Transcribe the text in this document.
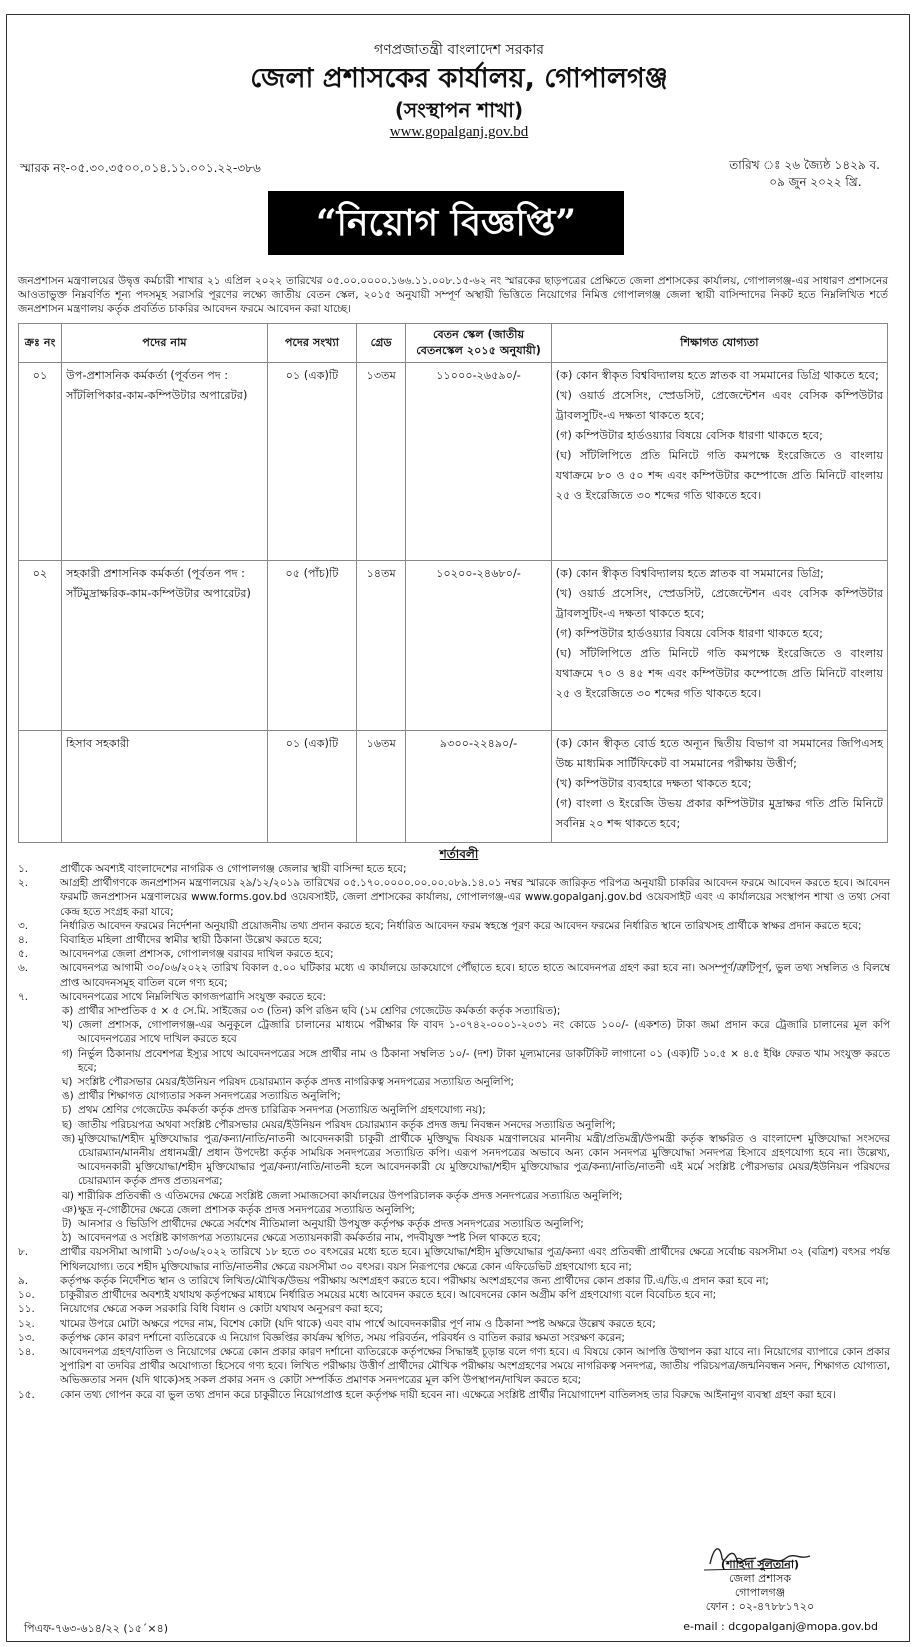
গণপ্রজাতন্ত্রী বাংলাদেশ সরকার
জেলা প্রশাসকের কার্যালয়, গোপালগঞ্জ
(সংস্থাপন শাখা)
www.gopalganj.gov.bd
স্মারক নং-০৫.৩০.৩৫০০.০১৪.১১.০০১.২২-৩৮৬	তারিখ ঃ ২৬ জ্যৈষ্ঠ ১৪২৯ ব.
০৯ জুন ২০২২ খ্রি.
“নিয়োগ বিজ্ঞপ্তি”
জনপ্রশাসন মন্ত্রণালয়ের উদ্বৃত্ত কর্মচারী শাখার ২১ এপ্রিল ২০২২ তারিখের ০৫.০০.০০০০.১৬৬.১১.০০৮.১৫-৬২ নং স্মারকের ছাড়পত্রের প্রেক্ষিতে জেলা প্রশাসকের কার্যালয়, গোপালগঞ্জ-এর সাধারণ প্রশাসনের আওতাভুক্ত নিম্নবর্ণিত শূন্য পদসমূহ সরাসরি পূরণের লক্ষ্যে জাতীয় বেতন স্কেল, ২০১৫ অনুযায়ী সম্পূর্ণ অস্থায়ী ভিত্তিতে নিয়োগের নিমিত্ত গোপালগঞ্জ জেলা স্থায়ী বাসিন্দাদের নিকট হতে নিম্নলিখিত শর্তে জনপ্রশাসন মন্ত্রণালয় কর্তৃক প্রবর্তিত চাকরির আবেদন ফরমে আবেদন করা যাচ্ছে।
ক্রঃ নং	পদের নাম	পদের সংখ্যা	গ্রেড	বেতন স্কেল (জাতীয় বেতনস্কেল ২০১৫ অনুযায়ী)	শিক্ষাগত যোগ্যতা
০১	উপ-প্রশাসনিক কর্মকর্তা (পূর্বতন পদ : সাঁটলিপিকার-কাম-কম্পিউটার অপারেটর)	০১ (এক)টি	১৩তম	১১০০০-২৬৫৯০/-	(ক) কোন স্বীকৃত বিশ্ববিদ্যালয় হতে স্নাতক বা সমমানের ডিগ্রি থাকতে হবে;
(খ) ওয়ার্ড প্রসেসিং, স্প্রেডসিট, প্রেজেন্টেশন এবং বেসিক কম্পিউটার ট্রাবলসুটিং-এ দক্ষতা থাকতে হবে;
(গ) কম্পিউটার হার্ডওয়্যার বিষয়ে বেসিক ধারণা থাকতে হবে;
(ঘ) সাঁটলিপিতে প্রতি মিনিটে গতি কমপক্ষে ইংরেজিতে ও বাংলায় যথাক্রমে ৮০ ও ৫০ শব্দ এবং কম্পিউটার কম্পোজে প্রতি মিনিটে বাংলায় ২৫ ও ইংরেজিতে ৩০ শব্দের গতি থাকতে হবে।

০২	সহকারী প্রশাসনিক কর্মকর্তা (পূর্বতন পদ : সাঁটমুদ্রাক্ষরিক-কাম-কম্পিউটার অপারেটর)	০৫ (পাঁচ)টি	১৪তম	১০২০০-২৪৬৮০/-	(ক) কোন স্বীকৃত বিশ্ববিদ্যালয় হতে স্নাতক বা সমমানের ডিগ্রি;
(খ) ওয়ার্ড প্রসেসিং, স্প্রেডসিট, প্রেজেন্টেশন এবং বেসিক কম্পিউটার ট্রাবলসুটিং-এ দক্ষতা থাকতে হবে;
(গ) কম্পিউটার হার্ডওয়্যার বিষয়ে বেসিক ধারণা থাকতে হবে;
(ঘ) সাঁটলিপিতে প্রতি মিনিটে গতি কমপক্ষে ইংরেজিতে ও বাংলায় যথাক্রমে ৭০ ও ৪৫ শব্দ এবং কম্পিউটার কম্পোজে প্রতি মিনিটে বাংলায় ২৫ ও ইংরেজিতে ৩০ শব্দের গতি থাকতে হবে।

	হিসাব সহকারী	০১ (এক)টি	১৬তম	৯৩০০-২২৪৯০/-	(ক) কোন স্বীকৃত বোর্ড হতে অন্যূন দ্বিতীয় বিভাগ বা সমমানের জিপিএসহ উচ্চ মাধ্যমিক সার্টিফিকেট বা সমমানের পরীক্ষায় উত্তীর্ণ;
(খ) কম্পিউটার ব্যবহারে দক্ষতা থাকতে হবে;
(গ) বাংলা ও ইংরেজি উভয় প্রকার কম্পিউটার মুদ্রাক্ষর গতি প্রতি মিনিটে সর্বনিম্ন ২০ শব্দ থাকতে হবে;
শর্তাবলী
১.	প্রার্থীকে অবশ্যই বাংলাদেশের নাগরিক ও গোপালগঞ্জ জেলার স্থায়ী বাসিন্দা হতে হবে;
২.	আগ্রহী প্রার্থীগণকে জনপ্রশাসন মন্ত্রণালয়ের ২৯/১২/২০১৯ তারিখের ০৫.১৭০.০০০০.০০.০০.০৮৯.১৪.০১ নম্বর স্মারকে জারিকৃত পরিপত্র অনুযায়ী চাকরির আবেদন ফরমে আবেদন করতে হবে। আবেদন ফরমটি জনপ্রশাসন মন্ত্রণালয়ের www.forms.gov.bd ওয়েবসাইট, জেলা প্রশাসকের কার্যালয়, গোপালগঞ্জ-এর www.gopalganj.gov.bd ওয়েবসাইট এবং এ কার্যালয়ের সংস্থাপন শাখা ও তথ্য সেবা কেন্দ্র হতে সংগ্রহ করা যাবে;
৩.	নির্ধারিত আবেদন ফরমের নির্দেশনা অনুযায়ী প্রয়োজনীয় তথ্য প্রদান করতে হবে; নির্ধারিত আবেদন ফরম স্বহস্তে পূরণ করে আবেদন ফরমের নির্ধারিত স্থানে তারিখসহ প্রার্থীকে স্বাক্ষর প্রদান করতে হবে;
৪.	বিবাহিত মহিলা প্রার্থীদের স্বামীর স্থায়ী ঠিকানা উল্লেখ করতে হবে;
৫.	আবেদনপত্র জেলা প্রশাসক, গোপালগঞ্জ বরাবর দাখিল করতে হবে;
৬.	আবেদনপত্র আগামী ৩০/০৬/২০২২ তারিখ বিকাল ৫.০০ ঘটিকার মধ্যে এ কার্যালয়ে ডাকযোগে পৌঁছাতে হবে। হাতে হাতে আবেদনপত্র গ্রহণ করা হবে না। অসম্পূর্ণ/ত্রুটিপূর্ণ, ভুল তথ্য সম্বলিত ও বিলম্বে প্রাপ্ত আবেদনসমূহ বাতিল বলে গণ্য হবে;
৭.	আবেদনপত্রের সাথে নিম্নলিখিত কাগজপত্রাদি সংযুক্ত করতে হবে:
ক) প্রার্থীর সাম্প্রতিক ৫ × ৫ সে.মি. সাইজের ০৩ (তিন) কপি রঙিন ছবি (১ম শ্রেণির গেজেটেড কর্মকর্তা কর্তৃক সত্যায়িত);
খ) জেলা প্রশাসক, গোপালগঞ্জ-এর অনুকূলে ট্রেজারি চালানের মাধ্যমে পরীক্ষার ফি বাবদ ১-০৭৪২-০০০১-২০৩১ নং কোডে ১০০/- (একশত) টাকা জমা প্রদান করে ট্রেজারি চালানের মূল কপি আবেদনপত্রের সাথে দাখিল করতে হবে
গ) নির্ভুল ঠিকানায় প্রবেশপত্র ইস্যুর সাথে আবেদনপত্রের সঙ্গে প্রার্থীর নাম ও ঠিকানা সম্বলিত ১০/- (দশ) টাকা মূল্যমানের ডাকটিকিট লাগানো ০১ (এক)টি ১০.৫ × ৪.৫ ইঞ্চি ফেরত খাম সংযুক্ত করতে হবে;
ঘ) সংশ্লিষ্ট পৌরসভার মেয়র/ইউনিয়ন পরিষদ চেয়ারম্যান কর্তৃক প্রদত্ত নাগরিকত্ব সনদপত্রের সত্যায়িত অনুলিপি;
ঙ) প্রার্থীর শিক্ষাগত যোগ্যতার সকল সনদপত্রের সত্যায়িত অনুলিপি;
চ) প্রথম শ্রেণির গেজেটেড কর্মকর্তা কর্তৃক প্রদত্ত চারিত্রিক সনদপত্র (সত্যায়িত অনুলিপি গ্রহণযোগ্য নয়);
ছ) জাতীয় পরিচয়পত্র অথবা সংশ্লিষ্ট পৌরসভার মেয়র/ইউনিয়ন পরিষদ চেয়ারম্যান কর্তৃক প্রদত্ত জন্ম নিবন্ধন সনদের সত্যায়িত অনুলিপি;
জ) মুক্তিযোদ্ধা/শহীদ মুক্তিযোদ্ধার পুত্র/কন্যা/নাতি/নাতনী আবেদনকারী চাকুরী প্রার্থীকে মুক্তিযুদ্ধ বিষয়ক মন্ত্রণালয়ের মাননীয় মন্ত্রী/প্রতিমন্ত্রী/উপমন্ত্রী কর্তৃক স্বাক্ষরিত ও বাংলাদেশ মুক্তিযোদ্ধা সংসদের চেয়ারম্যান/মাননীয় প্রধানমন্ত্রী/ প্রধান উপদেষ্টা কর্তৃক সাময়িক সনদপত্রের সত্যায়িত কপি। এরূপ সনদপত্রের অভাবে অন্য কোন সনদপত্র মুক্তিযোদ্ধা সনদপত্র হিসাবে গ্রহণযোগ্য হবে না। উল্লেখ্য, আবেদনকারী মুক্তিযোদ্ধা/শহীদ মুক্তিযোদ্ধার পুত্র/কন্যা/নাতি/নাতনী হলে আবেদনকারী যে মুক্তিযোদ্ধা/শহীদ মুক্তিযোদ্ধার পুত্র/কন্যা/নাতি/নাতনী এই মর্মে সংশ্লিষ্ট পৌরসভার মেয়র/ইউনিয়ন পরিষদের চেয়ারম্যান কর্তৃক প্রদত্ত প্রত্যয়নপত্র;
ঝ) শারীরিক প্রতিবন্ধী ও এতিমদের ক্ষেত্রে সংশ্লিষ্ট জেলা সমাজসেবা কার্যালয়ের উপপরিচালক কর্তৃক প্রদত্ত সনদপত্রের সত্যায়িত অনুলিপি;
ঞ) ক্ষুদ্র নৃ-গোষ্ঠীদের ক্ষেত্রে জেলা প্রশাসক কর্তৃক প্রদত্ত সনদপত্রের সত্যায়িত অনুলিপি;
ট) আনসার ও ভিডিপি প্রার্থীদের ক্ষেত্রে সর্বশেষ নীতিমালা অনুযায়ী উপযুক্ত কর্তৃপক্ষ কর্তৃক প্রদত্ত সনদপত্রের সত্যায়িত অনুলিপি;
ঠ) আবেদনপত্র ও সংশ্লিষ্ট কাগজপত্র সত্যায়নের ক্ষেত্রে সত্যায়নকারী কর্মকর্তার নাম, পদবীযুক্ত স্পষ্ট সিল থাকতে হবে;
৮.	প্রার্থীর বয়সসীমা আগামী ১৩/০৬/২০২২ তারিখে ১৮ হতে ৩০ বৎসরের মধ্যে হতে হবে। মুক্তিযোদ্ধা/শহীদ মুক্তিযোদ্ধার পুত্র/কন্যা এবং প্রতিবন্ধী প্রার্থীদের ক্ষেত্রে সর্বোচ্চ বয়সসীমা ৩২ (বত্রিশ) বৎসর পর্যন্ত শিথিলযোগ্য। তবে শহীদ মুক্তিযোদ্ধার নাতি/নাতনীর ক্ষেত্রে বয়সসীমা ৩০ বৎসর। বয়স নিরূপণের ক্ষেত্রে কোন এফিডেভিট গ্রহণযোগ্য হবে না;
৯.	কর্তৃপক্ষ কর্তৃক নির্দেশিত স্থান ও তারিখে লিখিত/মৌখিক/উভয় পরীক্ষায় অংশগ্রহণ করতে হবে। পরীক্ষায় অংশগ্রহণের জন্য প্রার্থীদের কোন প্রকার টি.এ/ডি.এ প্রদান করা হবে না;
১০. চাকুরীরত প্রার্থীদের অবশ্যই যথাযথ কর্তৃপক্ষের মাধ্যমে নির্ধারিত সময়ের মধ্যে আবেদন করতে হবে। আবেদনের কোন অগ্রীম কপি গ্রহণযোগ্য বলে বিবেচিত হবে না;
১১. নিয়োগের ক্ষেত্রে সকল সরকারি বিধি বিধান ও কোটা যথাযথ অনুসরণ করা হবে;
১২. খামের উপরে মোটা অক্ষরে পদের নাম, বিশেষ কোটা (যদি থাকে) এবং বাম পার্শ্বে আবেদনকারীর পূর্ণ নাম ও ঠিকানা স্পষ্ট অক্ষরে উল্লেখ করতে হবে;
১৩. কর্তৃপক্ষ কোন কারণ দর্শানো ব্যতিরেকে এ নিয়োগ বিজ্ঞপ্তির কার্যক্রম স্থগিত, সময় পরিবর্তন, পরিবর্ধন ও বাতিল করার ক্ষমতা সংরক্ষণ করেন;
১৪. আবেদনপত্র গ্রহণ/বাতিল ও নিয়োগের ক্ষেত্রে কোন প্রকার কারণ দর্শানো ব্যতিরেকে কর্তৃপক্ষের সিদ্ধান্তই চূড়ান্ত বলে গণ্য হবে। এ বিষয়ে কোন আপত্তি উত্থাপন করা যাবে না। নিয়োগের ব্যাপারে কোন প্রকার সুপারিশ বা তদবির প্রার্থীর অযোগ্যতা হিসেবে গণ্য হবে। লিখিত পরীক্ষায় উত্তীর্ণ প্রার্থীদের মৌখিক পরীক্ষায় অংশগ্রহণের সময়ে নাগরিকত্ব সনদপত্র, জাতীয় পরিচয়পত্র/জন্মনিবন্ধন সনদ, শিক্ষাগত যোগ্যতা, অভিজ্ঞতার সনদ (যদি থাকে)সহ সকল প্রকার সনদ ও কোটা সম্পর্কিত প্রমাণক সনদপত্রের মূল কপি উপস্থাপন/দাখিল করতে হবে;
১৫. কোন তথ্য গোপন করে বা ভুল তথ্য প্রদান করে চাকুরীতে নিয়োগপ্রাপ্ত হলে কর্তৃপক্ষ দায়ী হবেন না। এক্ষেত্রে সংশ্লিষ্ট প্রার্থীর নিয়োগাদেশ বাতিলসহ তার বিরুদ্ধে আইনানুগ ব্যবস্থা গ্রহণ করা হবে।
(শাহিদা সুলতানা)
জেলা প্রশাসক
গোপালগঞ্জ
ফোন : ০২-৪৭৮৮১৭২০
পিএফ-৭৬৩-৬১৪/২২ (১৫´×৪)	e-mail : dcgopalganj@mopa.gov.bd
